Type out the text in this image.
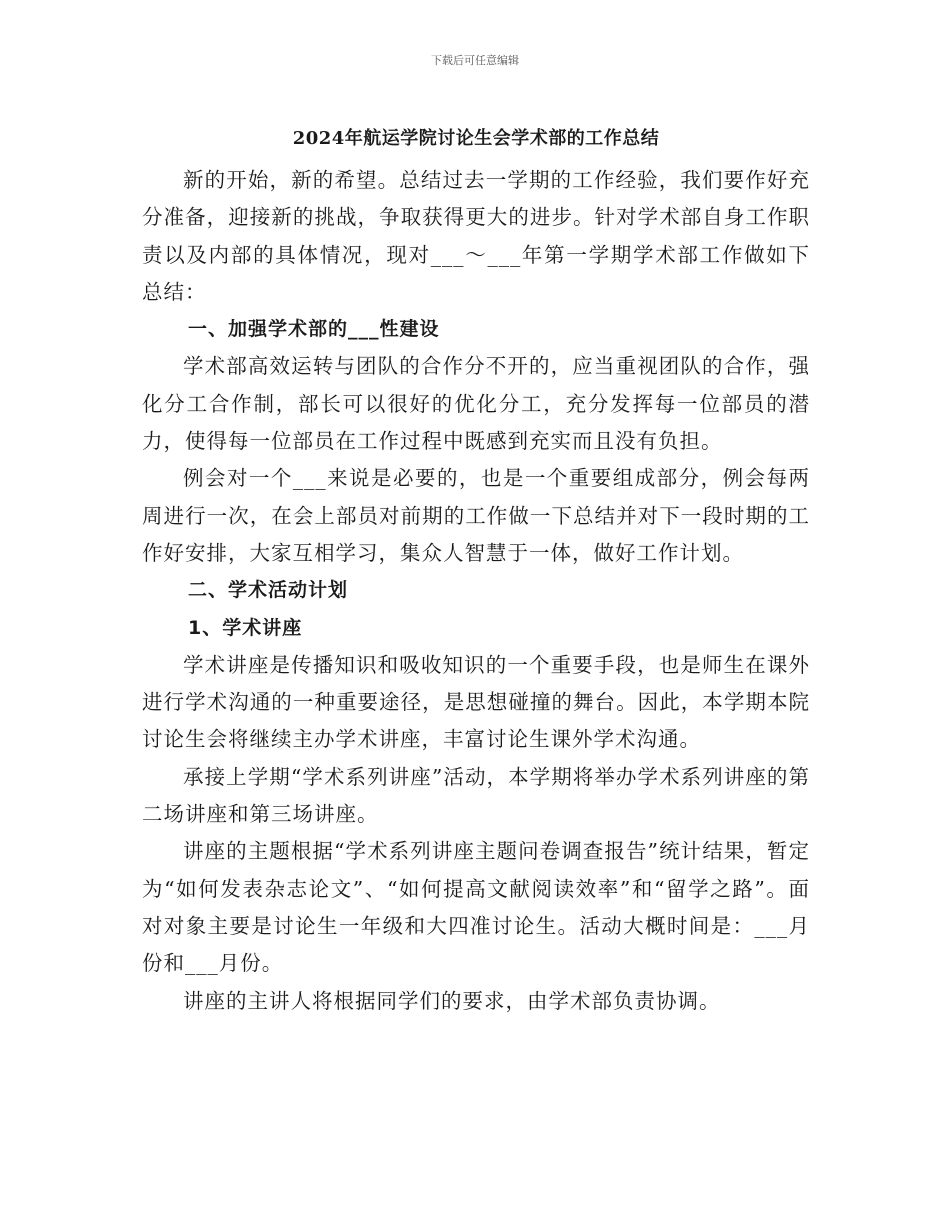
下载后可任意编辑
2024年航运学院讨论生会学术部的工作总结

新的开始，新的希望。总结过去一学期的工作经验，我们要作好充分准备，迎接新的挑战，争取获得更大的进步。针对学术部自身工作职责以及内部的具体情况，现对___～___年第一学期学术部工作做如下总结：

一、加强学术部的___性建设

学术部高效运转与团队的合作分不开的，应当重视团队的合作，强化分工合作制，部长可以很好的优化分工，充分发挥每一位部员的潜力，使得每一位部员在工作过程中既感到充实而且没有负担。

例会对一个___来说是必要的，也是一个重要组成部分，例会每两周进行一次，在会上部员对前期的工作做一下总结并对下一段时期的工作好安排，大家互相学习，集众人智慧于一体，做好工作计划。

二、学术活动计划

1、学术讲座

学术讲座是传播知识和吸收知识的一个重要手段，也是师生在课外进行学术沟通的一种重要途径，是思想碰撞的舞台。因此，本学期本院讨论生会将继续主办学术讲座，丰富讨论生课外学术沟通。

承接上学期“学术系列讲座”活动，本学期将举办学术系列讲座的第二场讲座和第三场讲座。

讲座的主题根据“学术系列讲座主题问卷调查报告”统计结果，暂定为“如何发表杂志论文”、“如何提高文献阅读效率”和“留学之路”。面对对象主要是讨论生一年级和大四准讨论生。活动大概时间是：___月份和___月份。

讲座的主讲人将根据同学们的要求，由学术部负责协调。
